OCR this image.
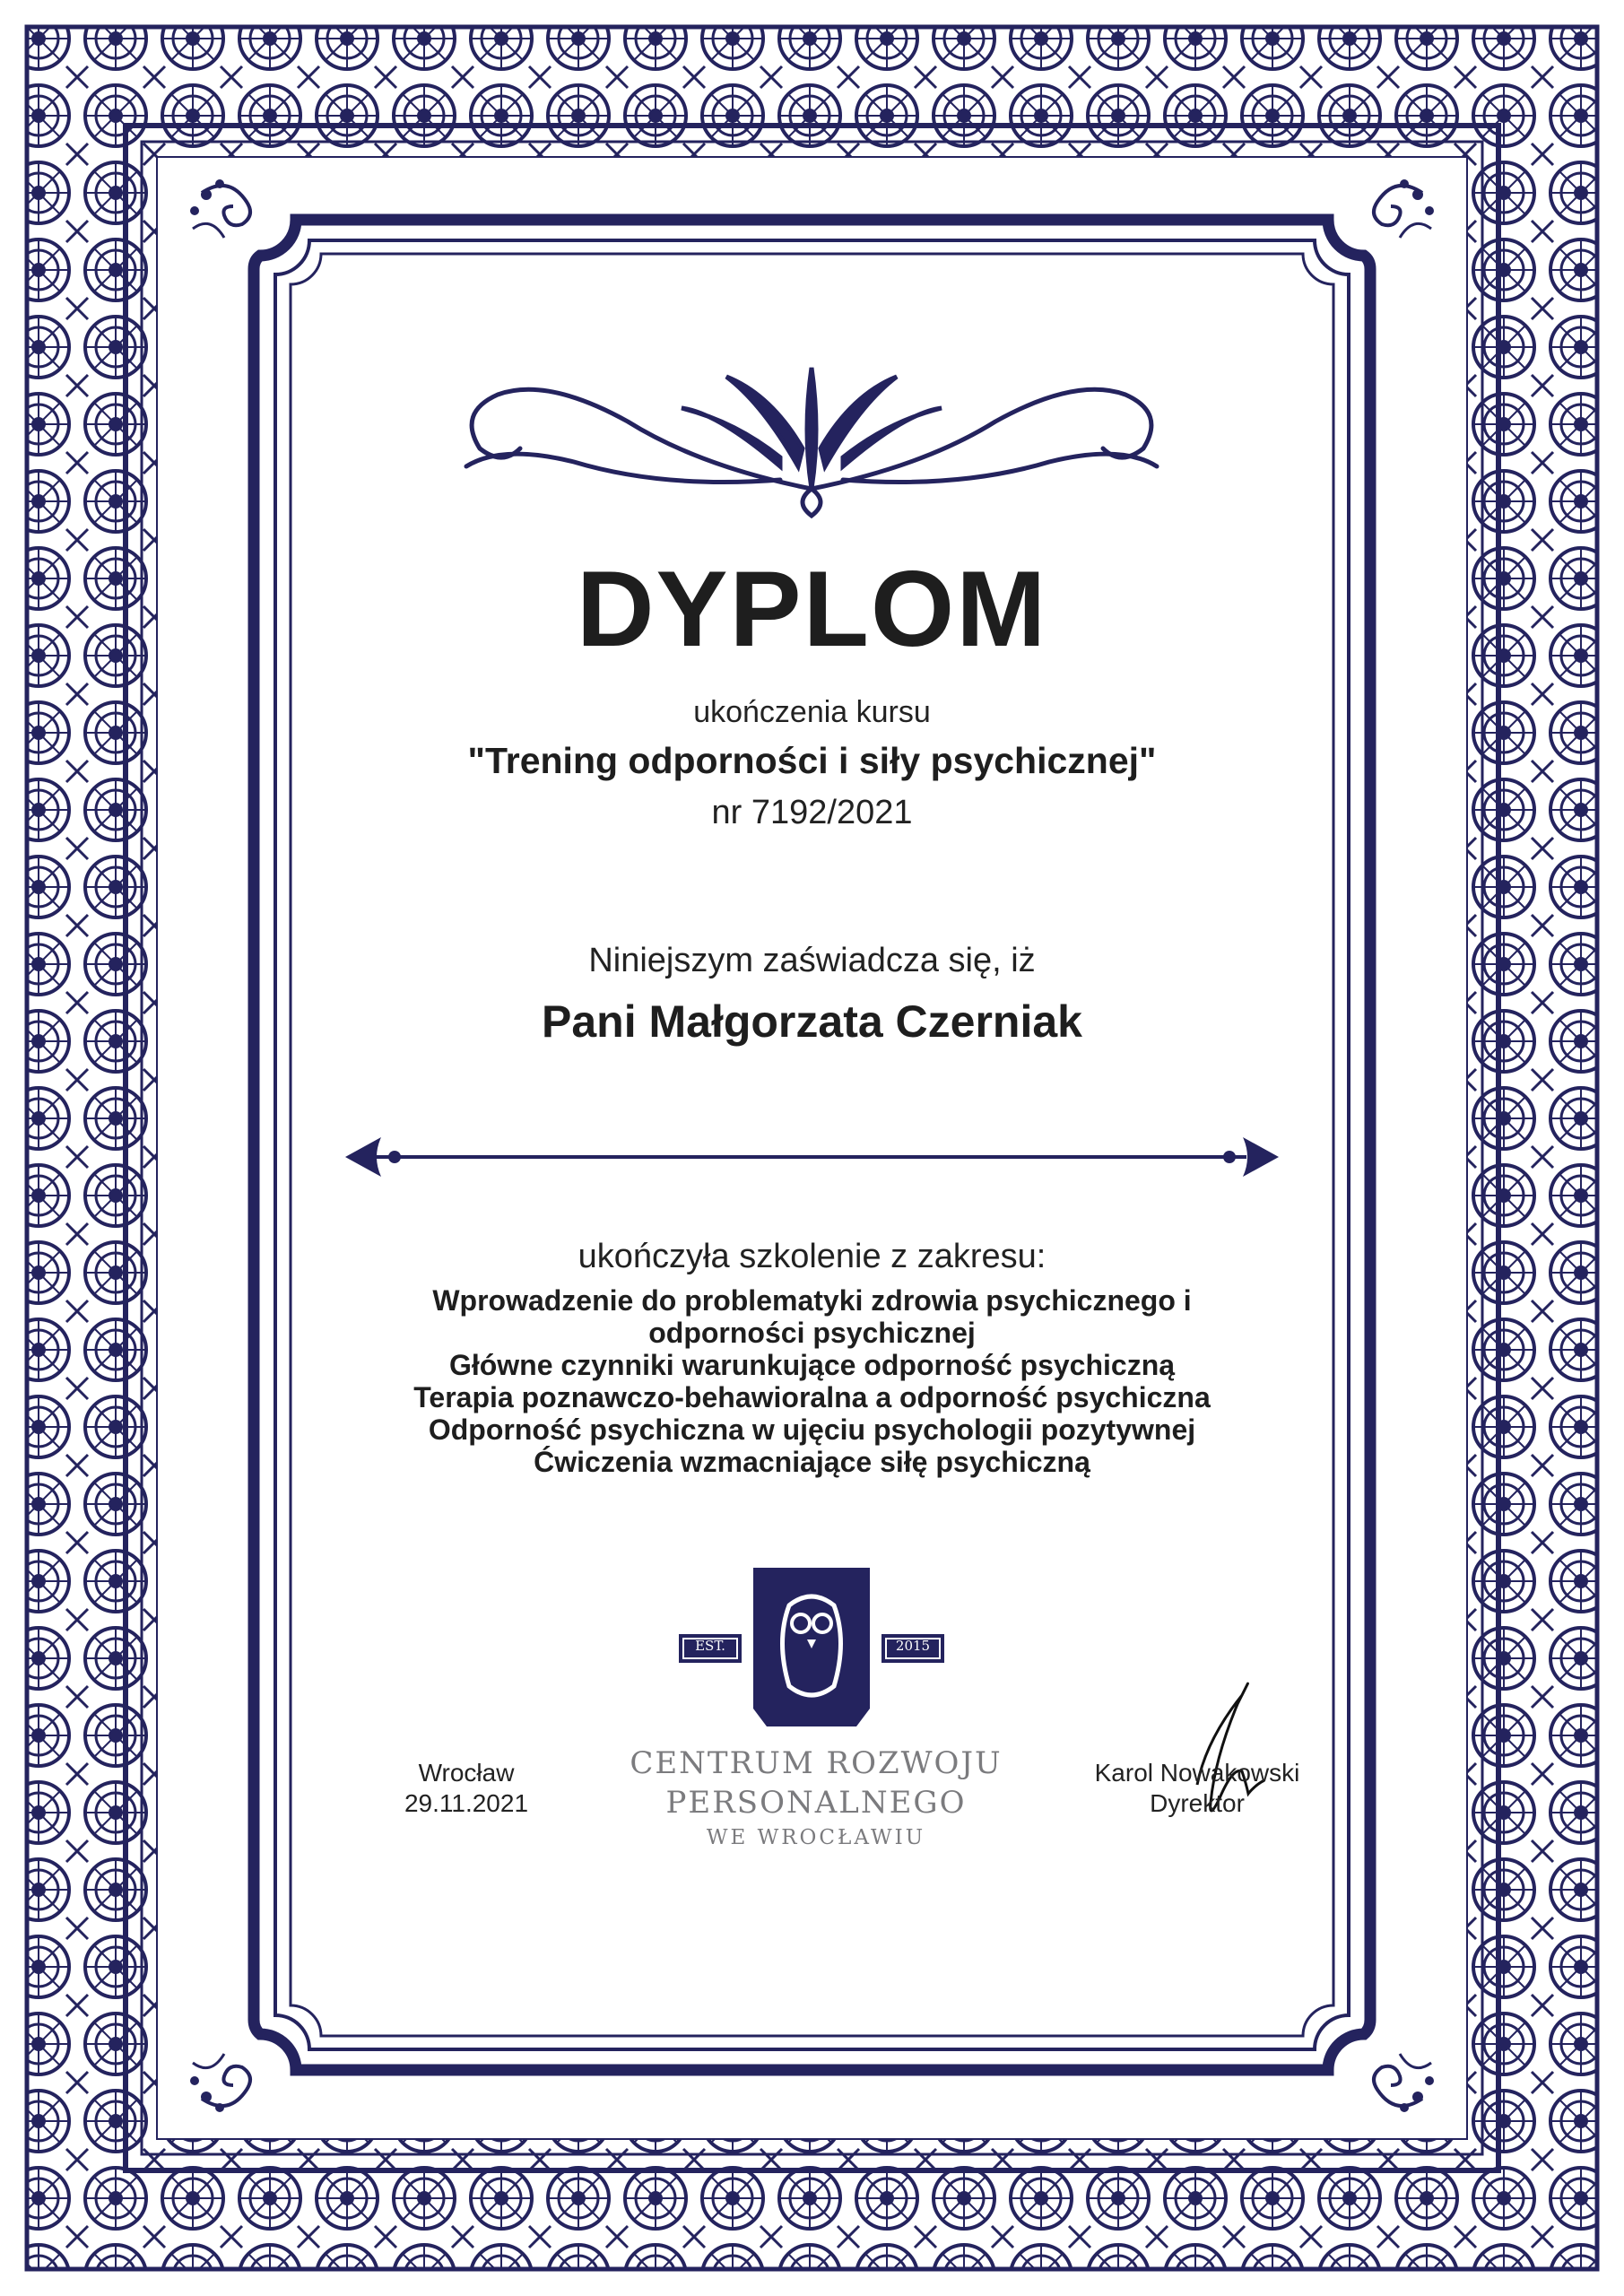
DYPLOM
ukończenia kursu
"Trening odporności i siły psychicznej"
nr 7192/2021
Niniejszym zaświadcza się, iż
Pani Małgorzata Czerniak
ukończyła szkolenie z zakresu:
Wprowadzenie do problematyki zdrowia psychicznego i
odporności psychicznej
Główne czynniki warunkujące odporność psychiczną
Terapia poznawczo-behawioralna a odporność psychiczna
Odporność psychiczna w ujęciu psychologii pozytywnej
Ćwiczenia wzmacniające siłę psychiczną
Wrocław
29.11.2021
Karol Nowakowski
Dyrektor
EST.	2015
CENTRUM ROZWOJU
PERSONALNEGO
WE WROCŁAWIU
